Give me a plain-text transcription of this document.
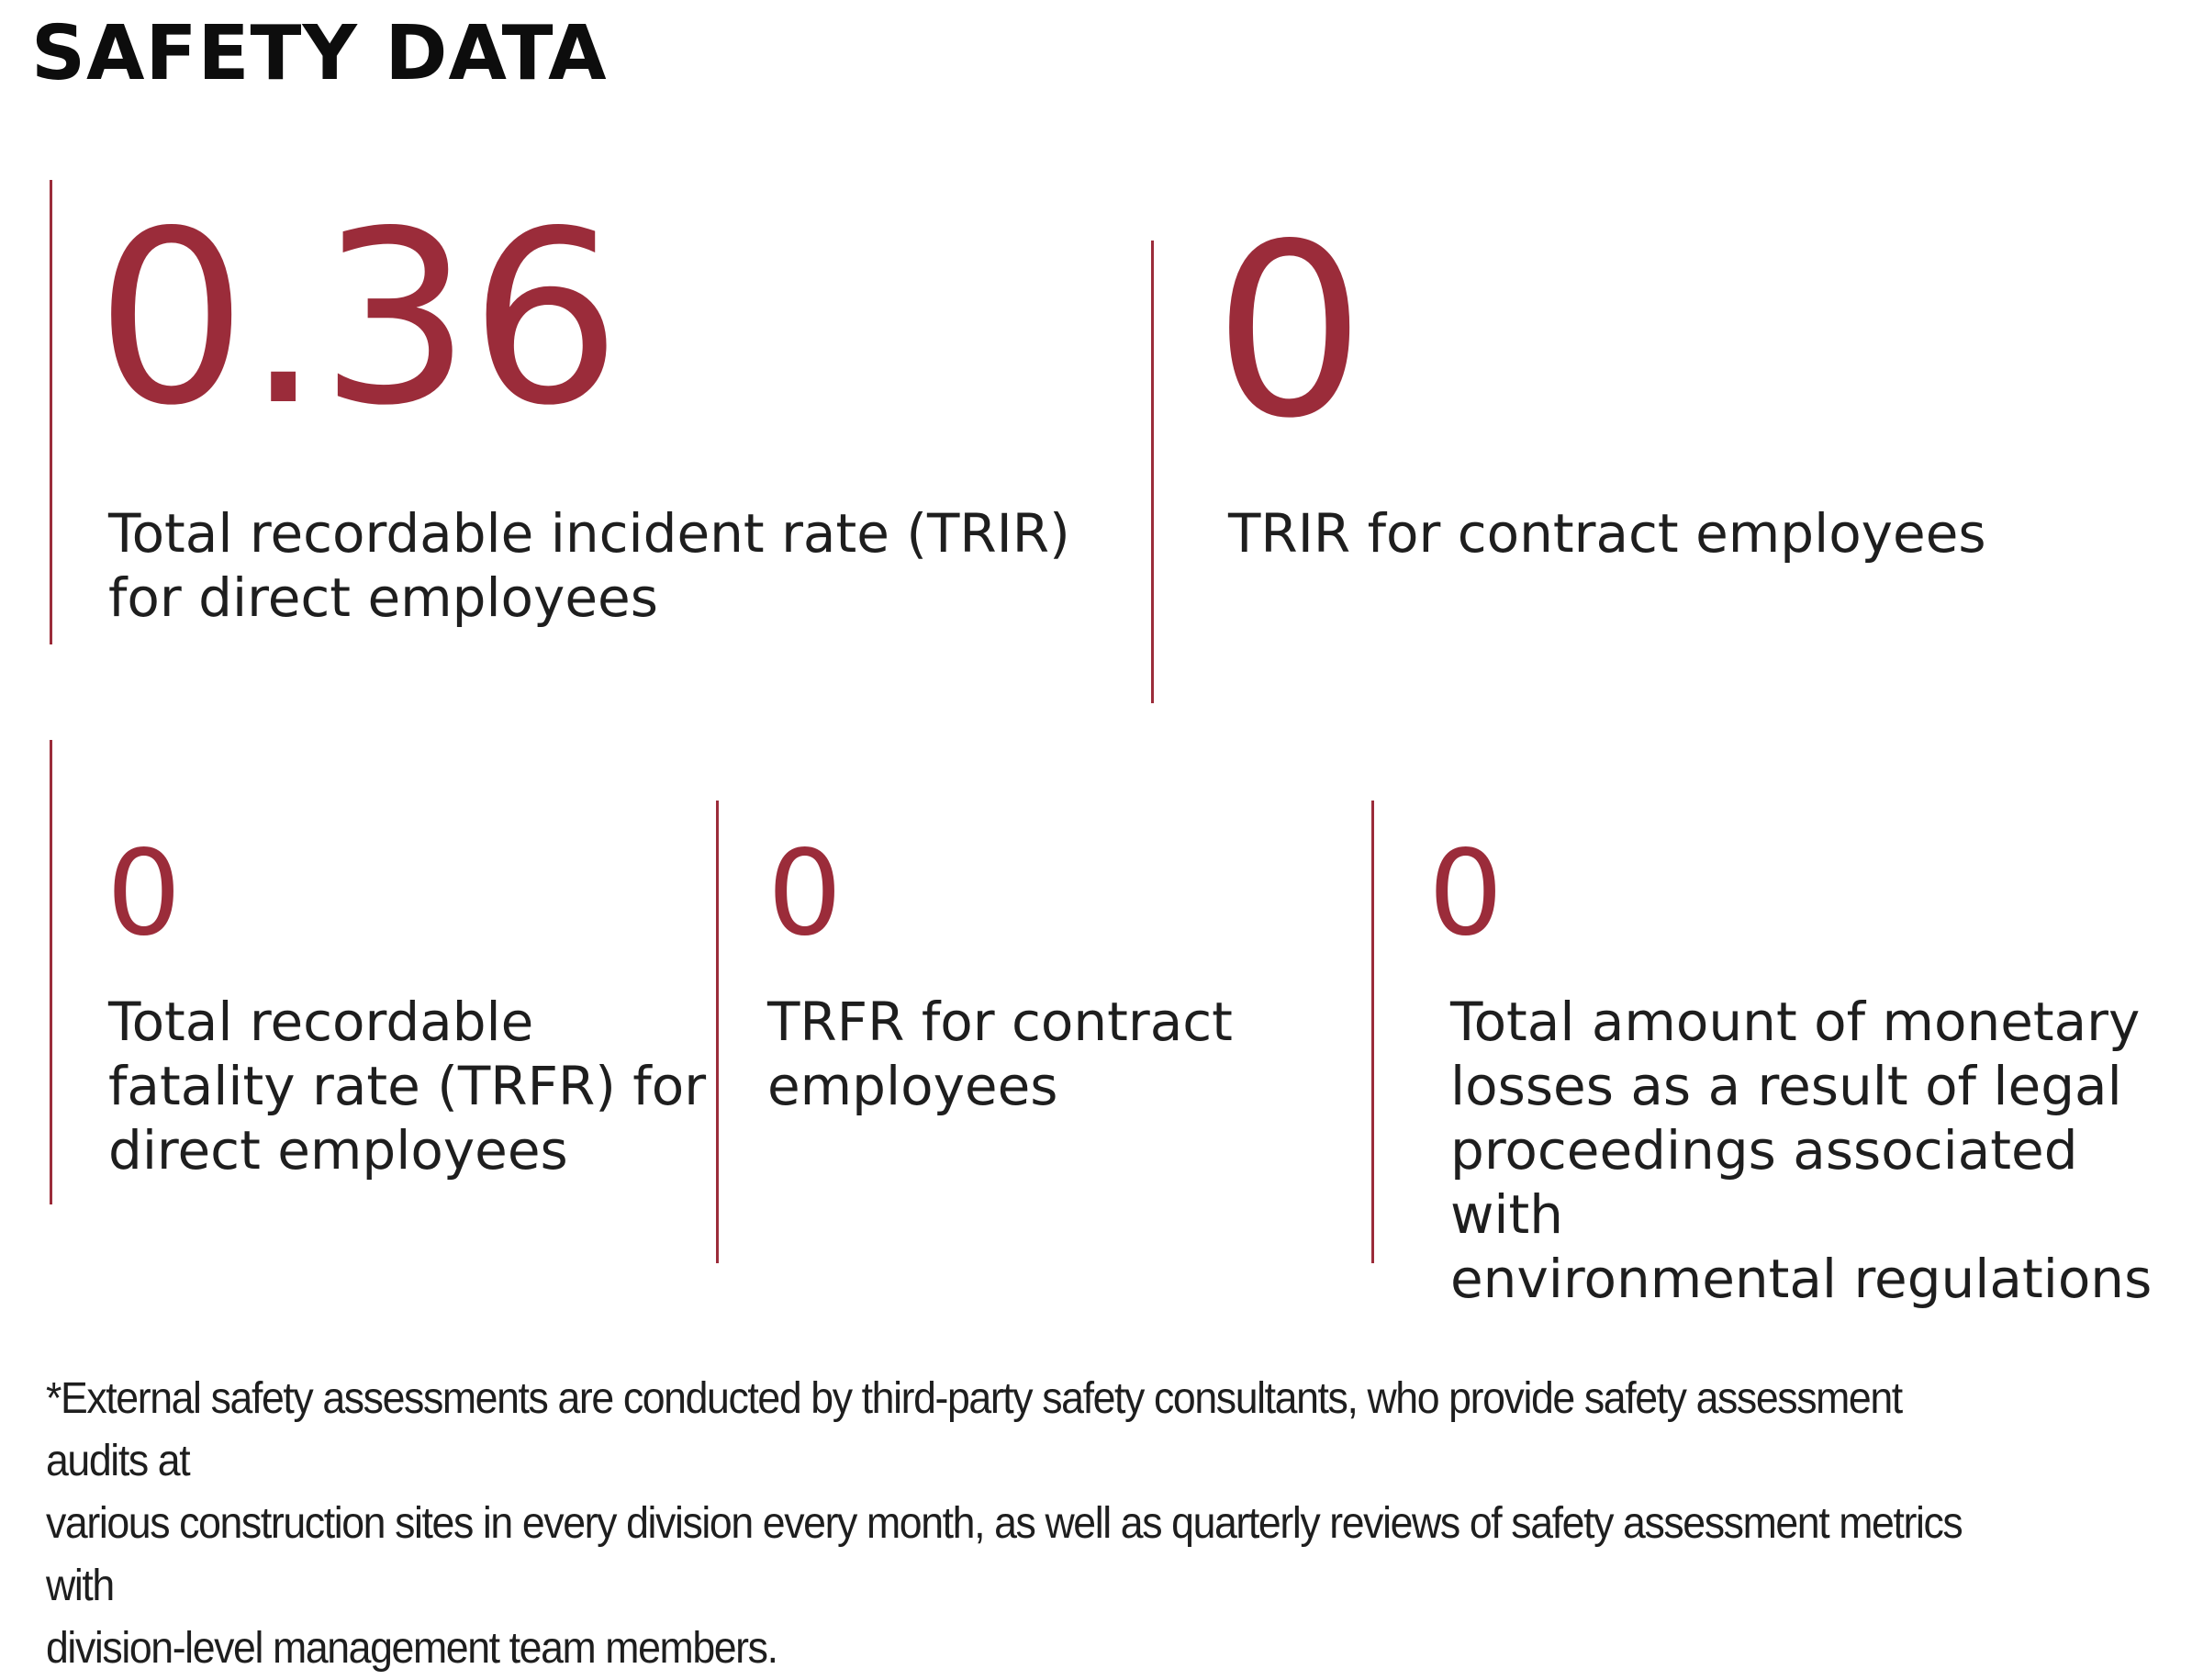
SAFETY DATA
0.36

Total recordable incident rate (TRIR)
for direct employees

0

TRIR for contract employees

0

Total recordable
fatality rate (TRFR) for
direct employees

0

TRFR for contract
employees

0

Total amount of monetary
losses as a result of legal
proceedings associated with
environmental regulations

*External safety assessments are conducted by third-party safety consultants, who provide safety assessment audits at
various construction sites in every division every month, as well as quarterly reviews of safety assessment metrics with
division-level management team members.
